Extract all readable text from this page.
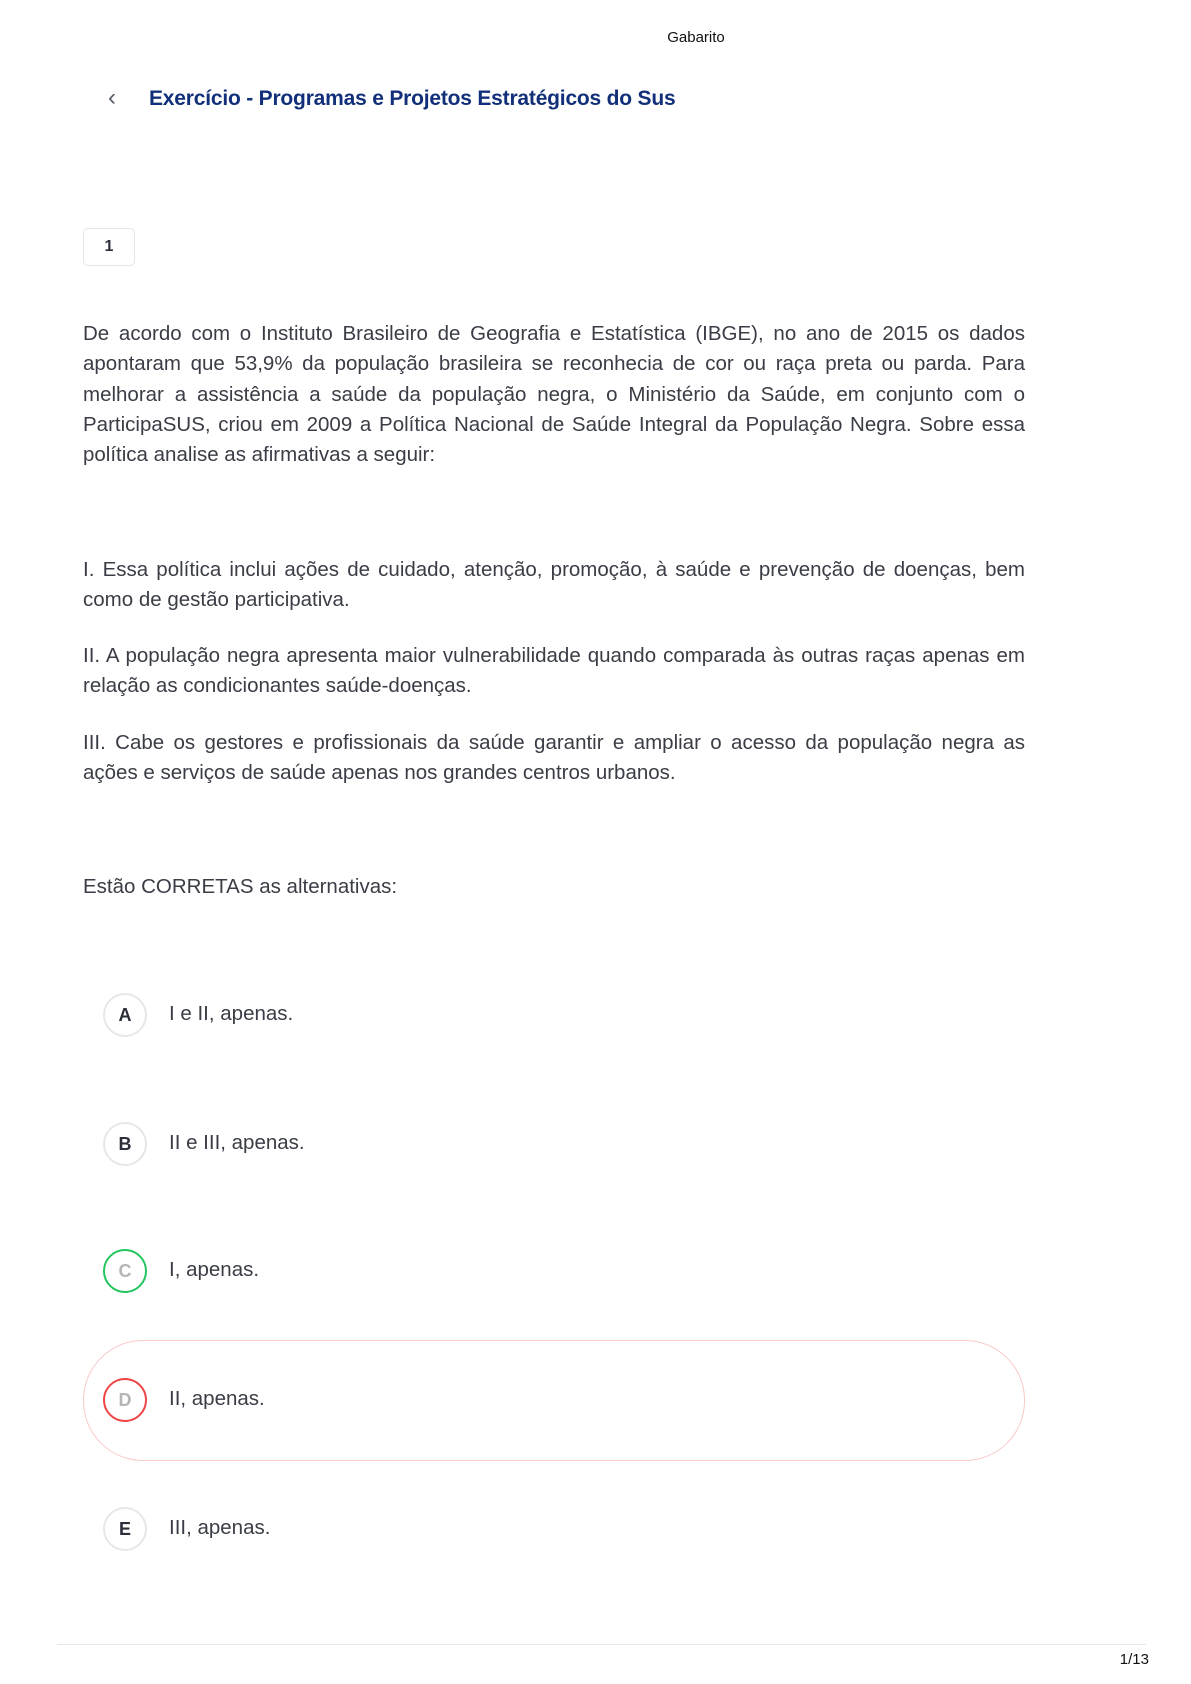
Gabarito
‹	Exercício - Programas e Projetos Estratégicos do Sus
1

De acordo com o Instituto Brasileiro de Geografia e Estatística (IBGE), no ano de 2015 os dados apontaram que 53,9% da população brasileira se reconhecia de cor ou raça preta ou parda. Para melhorar a assistência a saúde da população negra, o Ministério da Saúde, em conjunto com o ParticipaSUS, criou em 2009 a Política Nacional de Saúde Integral da População Negra. Sobre essa política analise as afirmativas a seguir:

I. Essa política inclui ações de cuidado, atenção, promoção, à saúde e prevenção de doenças, bem como de gestão participativa.

II. A população negra apresenta maior vulnerabilidade quando comparada às outras raças apenas em relação as condicionantes saúde-doenças.

III. Cabe os gestores e profissionais da saúde garantir e ampliar o acesso da população negra as ações e serviços de saúde apenas nos grandes centros urbanos.

Estão CORRETAS as alternativas:

A	I e II, apenas.
B	II e III, apenas.
C	I, apenas.
D	II, apenas.
E	III, apenas.
1/13
